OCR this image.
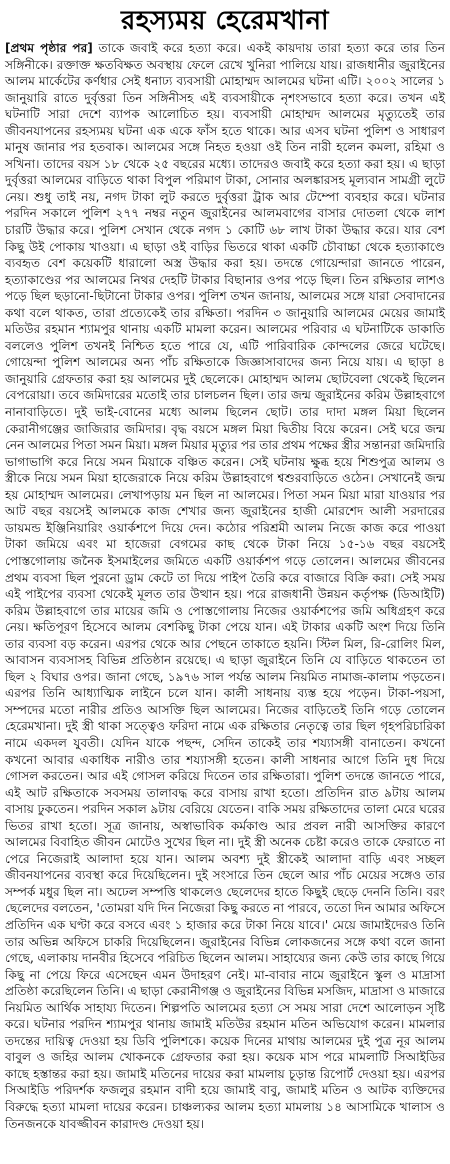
রহস্যময় হেরেমখানা

[প্রথম পৃষ্ঠার পর] তাকে জবাই করে হত্যা করে। একই কায়দায় তারা হত্যা করে তার তিন সঙ্গিনীকে। রক্তাক্ত ক্ষতবিক্ষত অবস্থায় ফেলে রেখে খুনিরা পালিয়ে যায়। রাজধানীর জুরাইনের আলম মার্কেটের কর্ণধার সেই ধনাঢ্য ব্যবসায়ী মোহাম্মদ আলমের ঘটনা এটি। ২০০২ সালের ১ জানুয়ারি রাতে দুর্বৃত্তরা তিন সঙ্গিনীসহ এই ব্যবসায়ীকে নৃশংসভাবে হত্যা করে। তখন এই ঘটনাটি সারা দেশে ব্যাপক আলোচিত হয়। ব্যবসায়ী মোহাম্মদ আলমের মৃত্যুতেই তার জীবনযাপনের রহস্যময় ঘটনা এক একে ফাঁস হতে থাকে। আর এসব ঘটনা পুলিশ ও সাধারণ মানুষ জানার পর হতবাক। আলমের সঙ্গে নিহত হওয়া ওই তিন নারী হলেন কমলা, রহিমা ও সখিনা। তাদের বয়স ১৮ থেকে ২৫ বছরের মধ্যে। তাদেরও জবাই করে হত্যা করা হয়। এ ছাড়া দুর্বৃত্তরা আলমের বাড়িতে থাকা বিপুল পরিমাণ টাকা, সোনার অলঙ্কারসহ মূল্যবান সামগ্রী লুটে নেয়। শুধু তাই নয়, নগদ টাকা লুট করতে দুর্বৃত্তরা ট্রাক আর টেম্পো ব্যবহার করে। ঘটনার পরদিন সকালে পুলিশ ২৭৭ নম্বর নতুন জুরাইনের আলমবাগের বাসার দোতলা থেকে লাশ চারটি উদ্ধার করে। পুলিশ সেখান থেকে নগদ ১ কোটি ৬৮ লাখ টাকা উদ্ধার করে। যার বেশ কিছু উই পোকায় খাওয়া। এ ছাড়া ওই বাড়ির ভিতরে থাকা একটি চৌবাচ্চা থেকে হত্যাকাণ্ডে ব্যবহৃত বেশ কয়েকটি ধারালো অস্ত্র উদ্ধার করা হয়। তদন্তে গোয়েন্দারা জানতে পারেন, হত্যাকাণ্ডের পর আলমের নিথর দেহটি টাকার বিছানার ওপর পড়ে ছিল। তিন রক্ষিতার লাশও পড়ে ছিল ছড়ানো-ছিটানো টাকার ওপর। পুলিশ তখন জানায়, আলমের সঙ্গে যারা সেবাদানের কথা বলে থাকত, তারা প্রত্যেকেই তার রক্ষিতা। পরদিন ৩ জানুয়ারি আলমের মেয়ের জামাই মতিউর রহমান শ্যামপুর থানায় একটি মামলা করেন। আলমের পরিবার এ ঘটনাটিকে ডাকাতি বললেও পুলিশ তখনই নিশ্চিত হতে পারে যে, এটি পারিবারিক কোন্দলের জেরে ঘটেছে। গোয়েন্দা পুলিশ আলমের অন্য পাঁচ রক্ষিতাকে জিজ্ঞাসাবাদের জন্য নিয়ে যায়। এ ছাড়া ৪ জানুয়ারি গ্রেফতার করা হয় আলমের দুই ছেলেকে। মোহাম্মদ আলম ছোটবেলা থেকেই ছিলেন বেপরোয়া। তবে জমিদারের মতোই তার চালচলন ছিল। তার জন্ম জুরাইনের করিম উল্লাহবাগে নানাবাড়িতে। দুই ভাই-বোনের মধ্যে আলম ছিলেন ছোট। তার দাদা মঙ্গল মিয়া ছিলেন কেরানীগঞ্জের জাজিরার জমিদার। বৃদ্ধ বয়সে মঙ্গল মিয়া দ্বিতীয় বিয়ে করেন। সেই ঘরে জন্ম নেন আলমের পিতা সমন মিয়া। মঙ্গল মিয়ার মৃত্যুর পর তার প্রথম পক্ষের স্ত্রীর সন্তানরা জমিদারি ভাগাভাগি করে নিয়ে সমন মিয়াকে বঞ্চিত করেন। সেই ঘটনায় ক্ষুব্ধ হয়ে শিশুপুত্র আলম ও স্ত্রীকে নিয়ে সমন মিয়া হাজেরাকে নিয়ে করিম উল্লাহবাগে শ্বশুরবাড়িতে ওঠেন। সেখানেই জন্ম হয় মোহাম্মদ আলমের। লেখাপড়ায় মন ছিল না আলমের। পিতা সমন মিয়া মারা যাওয়ার পর আট বছর বয়সেই আলমকে কাজ শেখার জন্য জুরাইনের হাজী মোরশেদ আলী সরদারের ডায়মন্ড ইঞ্জিনিয়ারিং ওয়ার্কশপে দিয়ে দেন। কঠোর পরিশ্রমী আলম নিজে কাজ করে পাওয়া টাকা জমিয়ে এবং মা হাজেরা বেগমের কাছ থেকে টাকা নিয়ে ১৫-১৬ বছর বয়সেই পোস্তগোলায় জনৈক ইসমাইলের জমিতে একটি ওয়ার্কশপ গড়ে তোলেন। আলমের জীবনের প্রথম ব্যবসা ছিল পুরনো ড্রাম কেটে তা দিয়ে পাইপ তৈরি করে বাজারে বিক্রি করা। সেই সময় এই পাইপের ব্যবসা থেকেই মূলত তার উত্থান হয়। পরে রাজধানী উন্নয়ন কর্তৃপক্ষ (ডিআইটি) করিম উল্লাহবাগে তার মায়ের জমি ও পোস্তগোলায় নিজের ওয়ার্কশপের জমি অধিগ্রহণ করে নেয়। ক্ষতিপূরণ হিসেবে আলম বেশকিছু টাকা পেয়ে যান। এই টাকার একটি অংশ দিয়ে তিনি তার ব্যবসা বড় করেন। এরপর থেকে আর পেছনে তাকাতে হয়নি। স্টিল মিল, রি-রোলিং মিল, আবাসন ব্যবসাসহ বিভিন্ন প্রতিষ্ঠান রয়েছে। এ ছাড়া জুরাইনে তিনি যে বাড়িতে থাকতেন তা ছিল ২ বিঘার ওপর। জানা গেছে, ১৯৭৬ সাল পর্যন্ত আলম নিয়মিত নামাজ-কালাম পড়তেন। এরপর তিনি আধ্যাত্মিক লাইনে চলে যান। কালী সাধনায় ব্যস্ত হয়ে পড়েন। টাকা-পয়সা, সম্পদের মতো নারীর প্রতিও আসক্তি ছিল আলমের। নিজের বাড়িতেই তিনি গড়ে তোলেন হেরেমখানা। দুই স্ত্রী থাকা সত্ত্বেও ফরিদা নামে এক রক্ষিতার নেতৃত্বে তার ছিল গৃহপরিচারিকা নামে একদল যুবতী। যেদিন যাকে পছন্দ, সেদিন তাকেই তার শয্যাসঙ্গী বানাতেন। কখনো কখনো আবার একাধিক নারীও তার শয্যাসঙ্গী হতেন। কালী সাধনার আগে তিনি দুধ দিয়ে গোসল করতেন। আর এই গোসল করিয়ে দিতেন তার রক্ষিতারা। পুলিশ তদন্তে জানতে পারে, এই আট রক্ষিতাকে সবসময় তালাবদ্ধ করে বাসায় রাখা হতো। প্রতিদিন রাত ৯টায় আলম বাসায় ঢুকতেন। পরদিন সকাল ৯টায় বেরিয়ে যেতেন। বাকি সময় রক্ষিতাদের তালা মেরে ঘরের ভিতর রাখা হতো। সূত্র জানায়, অস্বাভাবিক কর্মকাণ্ড আর প্রবল নারী আসক্তির কারণে আলমের বিবাহিত জীবন মোটেও সুখের ছিল না। দুই স্ত্রী অনেক চেষ্টা করেও তাকে ফেরাতে না পেরে নিজেরাই আলাদা হয়ে যান। আলম অবশ্য দুই স্ত্রীকেই আলাদা বাড়ি এবং সচ্ছল জীবনযাপনের ব্যবস্থা করে দিয়েছিলেন। দুই সংসারে তিন ছেলে আর পাঁচ মেয়ের সঙ্গেও তার সম্পর্ক মধুর ছিল না। অঢেল সম্পত্তি থাকলেও ছেলেদের হাতে কিছুই ছেড়ে দেননি তিনি। বরং ছেলেদের বলতেন, 'তোমরা যদি দিন নিজেরা কিছু করতে না পারবে, ততো দিন আমার অফিসে প্রতিদিন এক ঘণ্টা করে বসবে এবং ১ হাজার করে টাকা নিয়ে যাবে।' মেয়ে জামাইদেরও তিনি তার অভিন্ন অফিসে চাকরি দিয়েছিলেন। জুরাইনের বিভিন্ন লোকজনের সঙ্গে কথা বলে জানা গেছে, এলাকায় দানবীর হিসেবে পরিচিত ছিলেন আলম। সাহায্যের জন্য কেউ তার কাছে গিয়ে কিছু না পেয়ে ফিরে এসেছেন এমন উদাহরণ নেই। মা-বাবার নামে জুরাইনে স্কুল ও মাদ্রাসা প্রতিষ্ঠা করেছিলেন তিনি। এ ছাড়া কেরানীগঞ্জ ও জুরাইনের বিভিন্ন মসজিদ, মাদ্রাসা ও মাজারে নিয়মিত আর্থিক সাহায্য দিতেন। শিল্পপতি আলমের হত্যা সে সময় সারা দেশে আলোড়ন সৃষ্টি করে। ঘটনার পরদিন শ্যামপুর থানায় জামাই মতিউর রহমান মতিন অভিযোগ করেন। মামলার তদন্তের দায়িত্ব দেওয়া হয় ডিবি পুলিশকে। কয়েক দিনের মাথায় আলমের দুই পুত্র নূর আলম বাবুল ও জহির আলম খোকনকে গ্রেফতার করা হয়। কয়েক মাস পরে মামলাটি সিআইডির কাছে হস্তান্তর করা হয়। জামাই মতিনের দায়ের করা মামলায় চূড়ান্ত রিপোর্ট দেওয়া হয়। এরপর সিআইডি পরিদর্শক ফজলুর রহমান বাদী হয়ে জামাই বাবু, জামাই মতিন ও আটক ব্যক্তিদের বিরুদ্ধে হত্যা মামলা দায়ের করেন। চাঞ্চল্যকর আলম হত্যা মামলায় ১৪ আসামিকে খালাস ও তিনজনকে যাবজ্জীবন কারাদণ্ড দেওয়া হয়।
